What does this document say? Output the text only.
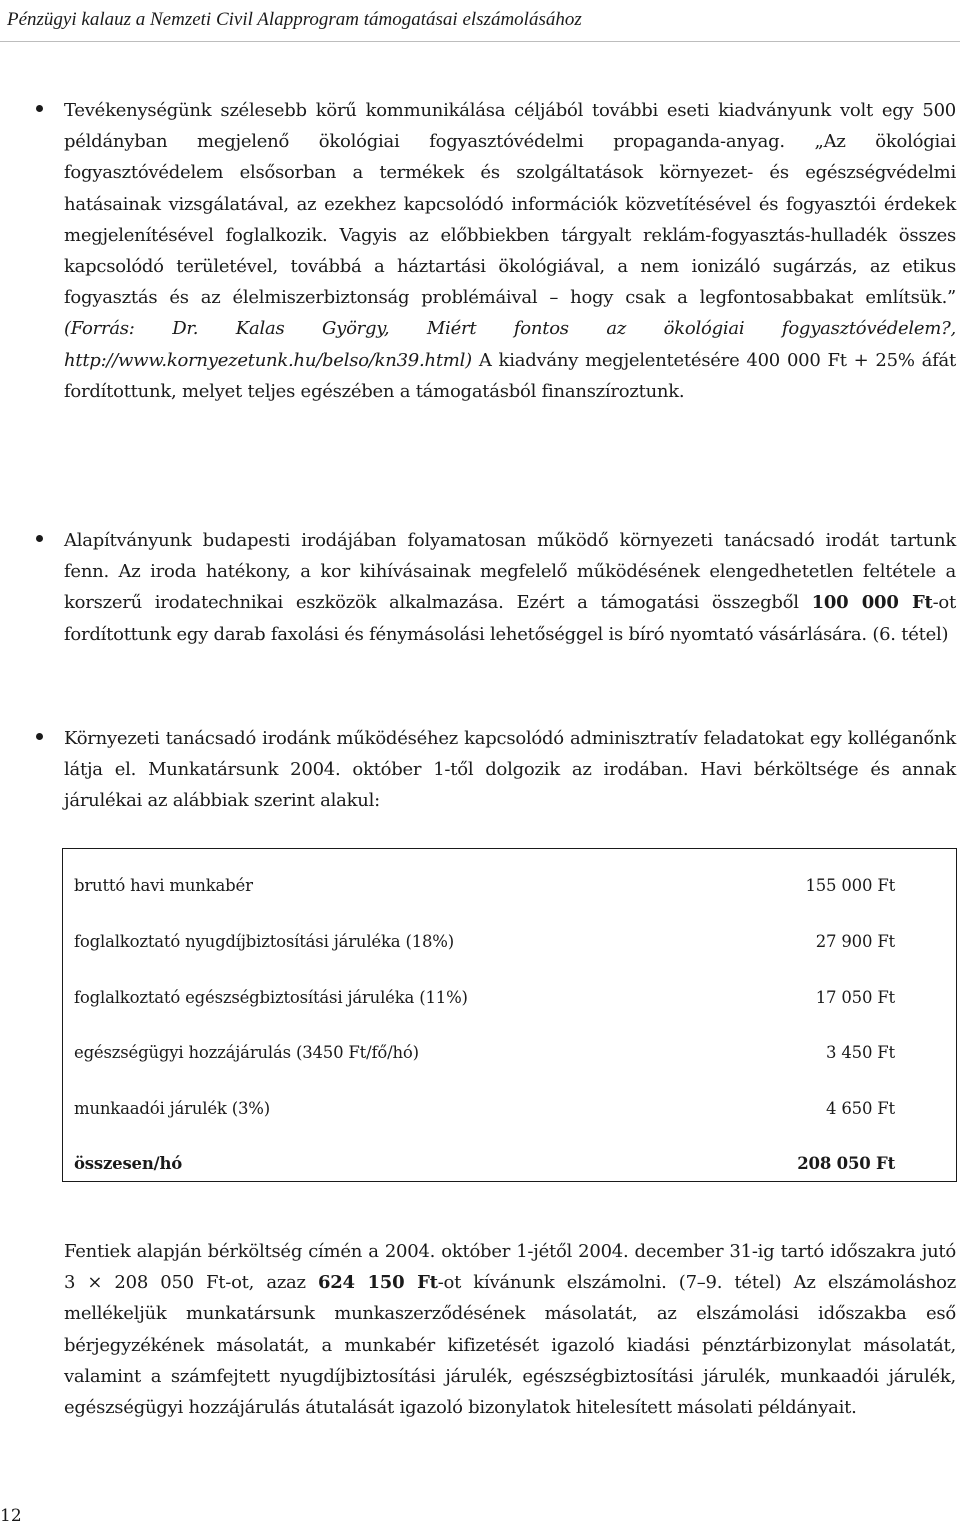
Pénzügyi kalauz a Nemzeti Civil Alapprogram támogatásai elszámolásához

Tevékenységünk szélesebb körű kommunikálása céljából további eseti kiadványunk volt egy 500 példányban megjelenő ökológiai fogyasztóvédelmi propaganda-anyag. „Az ökológiai fogyasztóvédelem elsősorban a termékek és szolgáltatások környezet- és egészségvédelmi hatásainak vizsgálatával, az ezekhez kapcsolódó információk közvetítésével és fogyasztói érdekek megjelenítésével foglalkozik. Vagyis az előbbiekben tárgyalt reklám-fogyasztás-hulladék összes kapcsolódó területével, továbbá a háztartási ökológiával, a nem ionizáló sugárzás, az etikus fogyasztás és az élelmiszerbiztonság problémáival – hogy csak a legfontosabbakat említsük.” (Forrás: Dr. Kalas György, Miért fontos az ökológiai fogyasztóvédelem?, http://www.kornyezetunk.hu/belso/kn39.html) A kiadvány megjelentetésére 400 000 Ft + 25% áfát fordítottunk, melyet teljes egészében a támogatásból finanszíroztunk.

Alapítványunk budapesti irodájában folyamatosan működő környezeti tanácsadó irodát tartunk fenn. Az iroda hatékony, a kor kihívásainak megfelelő működésének elengedhetetlen feltétele a korszerű irodatechnikai eszközök alkalmazása. Ezért a támogatási összegből 100 000 Ft-ot fordítottunk egy darab faxolási és fénymásolási lehetőséggel is bíró nyomtató vásárlására. (6. tétel)

Környezeti tanácsadó irodánk működéséhez kapcsolódó adminisztratív feladatokat egy kolléganőnk látja el. Munkatársunk 2004. október 1-től dolgozik az irodában. Havi bérköltsége és annak járulékai az alábbiak szerint alakul:

bruttó havi munkabér	155 000 Ft
foglalkoztató nyugdíjbiztosítási járuléka (18%)	27 900 Ft
foglalkoztató egészségbiztosítási járuléka (11%)	17 050 Ft
egészségügyi hozzájárulás (3450 Ft/fő/hó)	3 450 Ft
munkaadói járulék (3%)	4 650 Ft
összesen/hó	208 050 Ft

Fentiek alapján bérköltség címén a 2004. október 1-jétől 2004. december 31-ig tartó időszakra jutó 3 × 208 050 Ft-ot, azaz 624 150 Ft-ot kívánunk elszámolni. (7–9. tétel) Az elszámoláshoz mellékeljük munkatársunk munkaszerződésének másolatát, az elszámolási időszakba eső bérjegyzékének másolatát, a munkabér kifizetését igazoló kiadási pénztárbizonylat másolatát, valamint a számfejtett nyugdíjbiztosítási járulék, egészségbiztosítási járulék, munkaadói járulék, egészségügyi hozzájárulás átutalását igazoló bizonylatok hitelesített másolati példányait.

12
